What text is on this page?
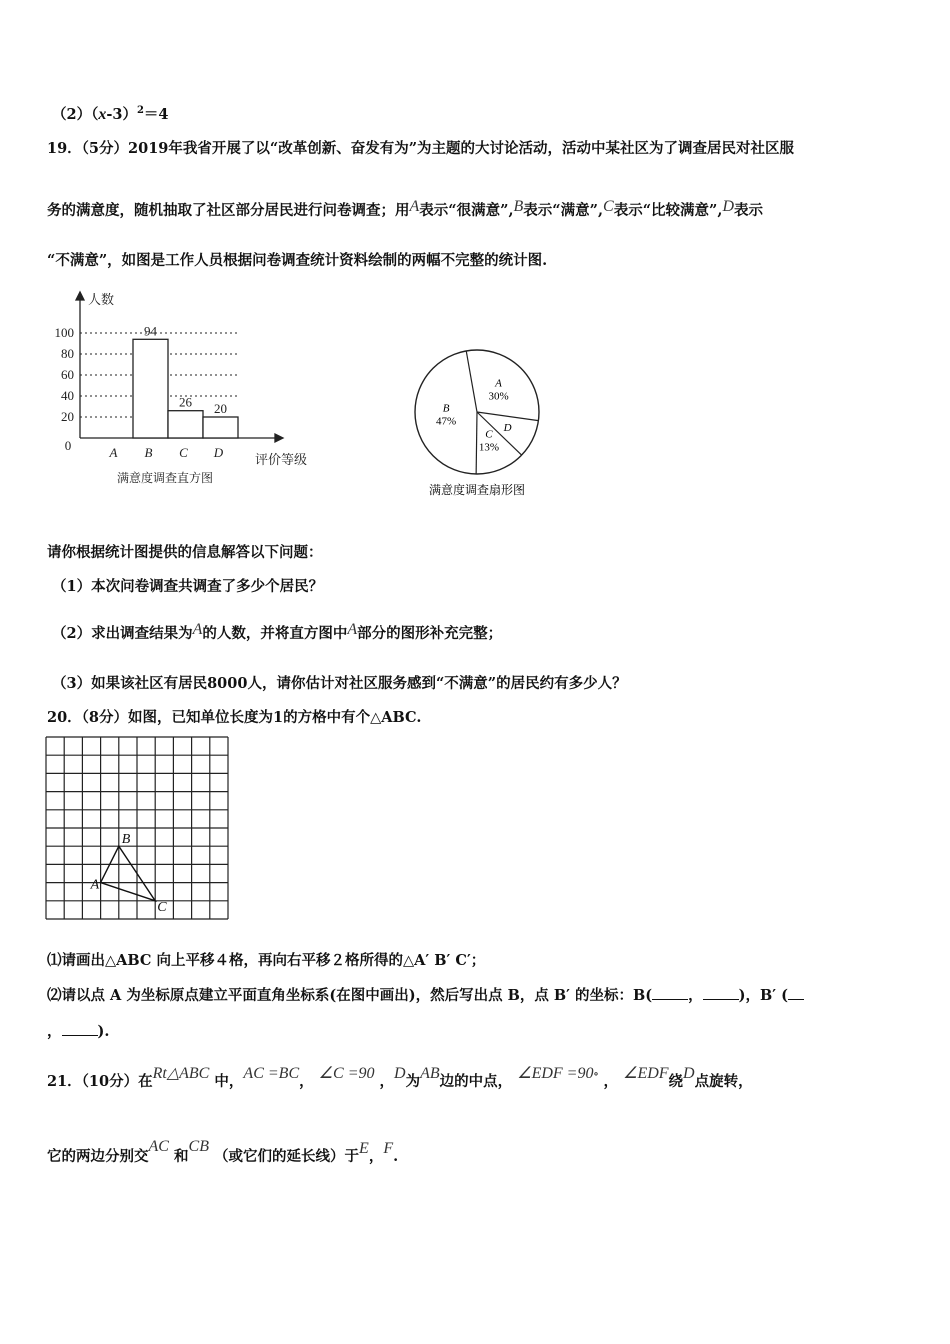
$(2)(x-3)^2=4$
19．（5分）2019年我省开展了以“改革创新、奋发有为”为主题的大讨论活动，活动中某社区为了调查居民对社区服
务的满意度，随机抽取了社区部分居民进行问卷调查；用A表示“很满意”,B表示“满意”,C表示“比较满意”,D表示
“不满意”，如图是工作人员根据问卷调查统计资料绘制的两幅不完整的统计图.
100
80
60
40
20
0
人数
评价等级
满意度调查直方图
A B
94
C
26
D
20
A
30%
D
C
13%
B
47%
满意度调查扇形图
请你根据统计图提供的信息解答以下问题：
（1）本次问卷调查共调查了多少个居民？
（2）求出调查结果为A的人数，并将直方图中A部分的图形补充完整；
（3）如果该社区有居民8000人，请你估计对社区服务感到“不满意”的居民约有多少人？
20．（8分）如图，已知单位长度为1的方格中有个△ABC.
A
B
C
⑴请画出△ABC 向上平移４格，再向右平移２格所得的△A′ B′ C′；
⑵请以点 A 为坐标原点建立平面直角坐标系(在图中画出)，然后写出点 B，点 B′ 的坐标：B( ， )，B′ (
， ).
21．（10分）在Rt△ABC 中，AC =BC， ∠C =90 ，D为AB边的中点， ∠EDF =90° ， ∠EDF绕D点旋转，
它的两边分别交AC 和CB （或它们的延长线）于E，F.
